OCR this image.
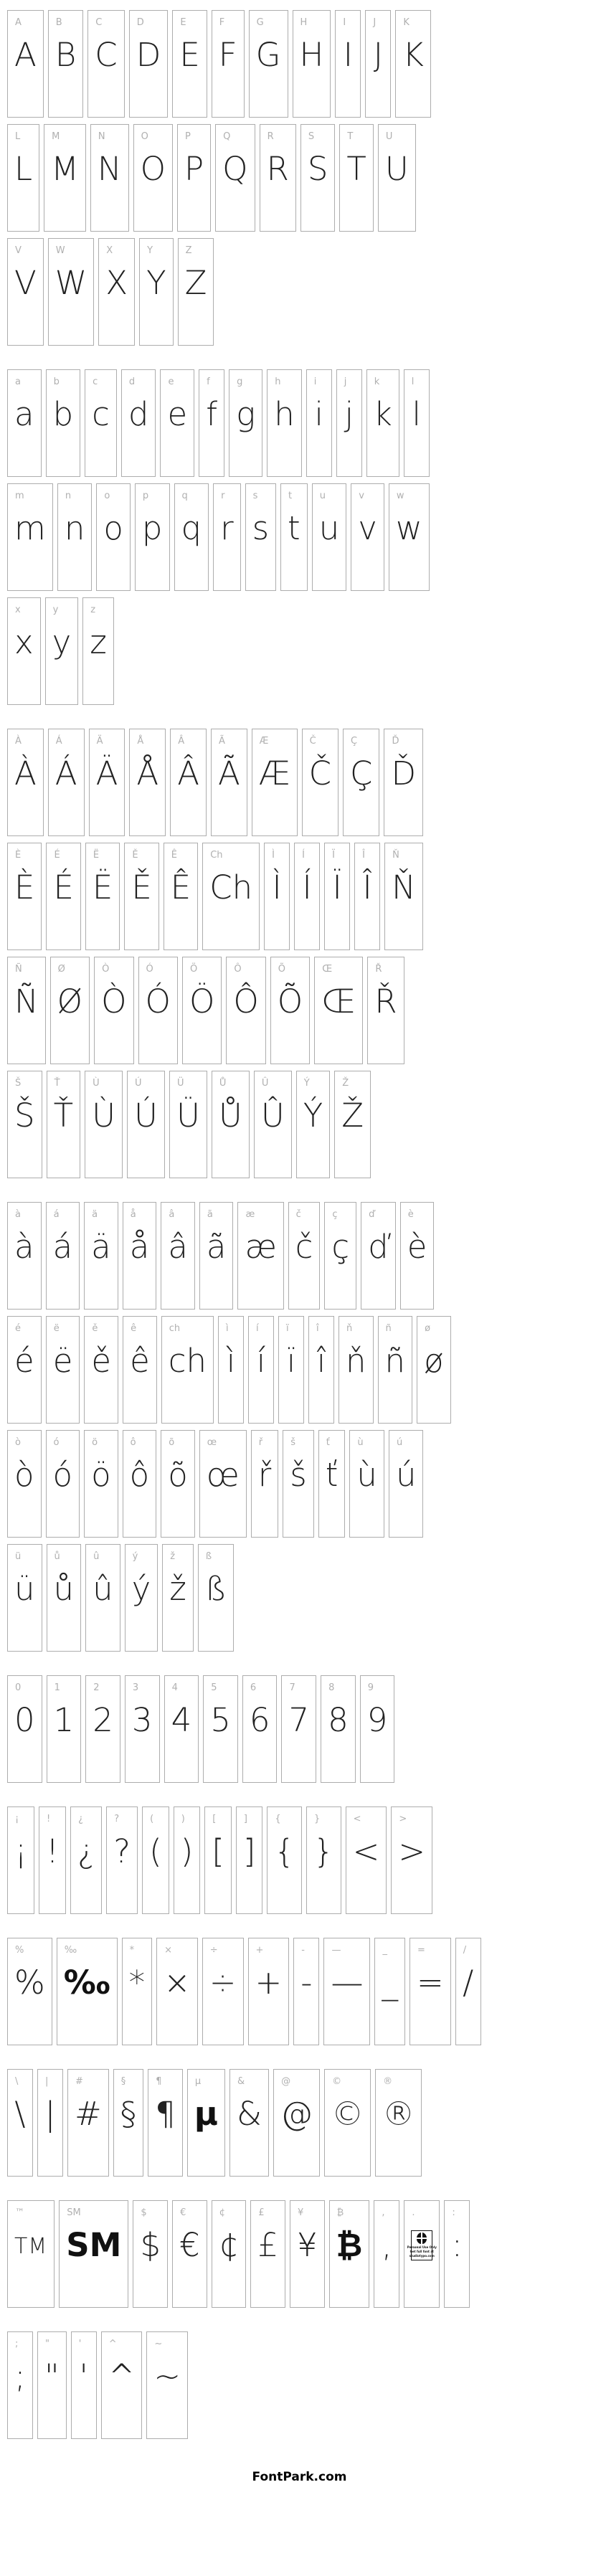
A
A
B
B
C
C
D
D
E
E
F
F
G
G
H
H
I
I
J
J
K
K
L
L
M
M
N
N
O
O
P
P
Q
Q
R
R
S
S
T
T
U
U
V
V
W
W
X
X
Y
Y
Z
Z
a
a
b
b
c
c
d
d
e
e
f
f
g
g
h
h
i
i
j
j
k
k
l
l
m
m
n
n
o
o
p
p
q
q
r
r
s
s
t
t
u
u
v
v
w
w
x
x
y
y
z
z
À
À
Á
Á
Ä
Ä
Å
Å
Â
Â
Ã
Ã
Æ
Æ
Č
Č
Ç
Ç
Ď
Ď
È
È
É
É
Ë
Ë
Ě
Ě
Ê
Ê
Ch
Ch
Ì
Ì
Í
Í
Ï
Ï
Î
Î
Ň
Ň
Ñ
Ñ
Ø
Ø
Ò
Ò
Ó
Ó
Ö
Ö
Ô
Ô
Õ
Õ
Œ
Œ
Ř
Ř
Š
Š
Ť
Ť
Ù
Ù
Ú
Ú
Ü
Ü
Ů
Ů
Û
Û
Ý
Ý
Ž
Ž
à
à
á
á
ä
ä
å
å
â
â
ã
ã
æ
æ
č
č
ç
ç
ď
ď
è
è
é
é
ë
ë
ě
ě
ê
ê
ch
ch
ì
ì
í
í
ï
ï
î
î
ň
ň
ñ
ñ
ø
ø
ò
ò
ó
ó
ö
ö
ô
ô
õ
õ
œ
œ
ř
ř
š
š
ť
ť
ù
ù
ú
ú
ü
ü
ů
ů
û
û
ý
ý
ž
ž
ß
ß
0
0
1
1
2
2
3
3
4
4
5
5
6
6
7
7
8
8
9
9
¡
¡
!
!
¿
¿
?
?
(
(
)
)
[
[
]
]
{
{
}
}
<
<
>
>
%
%
‰
‰
*
*
×
×
÷
÷
+
+
-
-
—
—
_
_
=
=
/
/
\
\
|
|
#
#
§
§
¶
¶
µ
µ
&
&
@
@
©
©
®
®
™
TM
SM
SM
$
$
€
€
¢
¢
£
£
¥
¥
₿
₿
,
,
.
Personal Use Only
Get full font at
studiotypo.com
:
:
;
;
"
"
'
'
^
^
~
~
FontPark.com
